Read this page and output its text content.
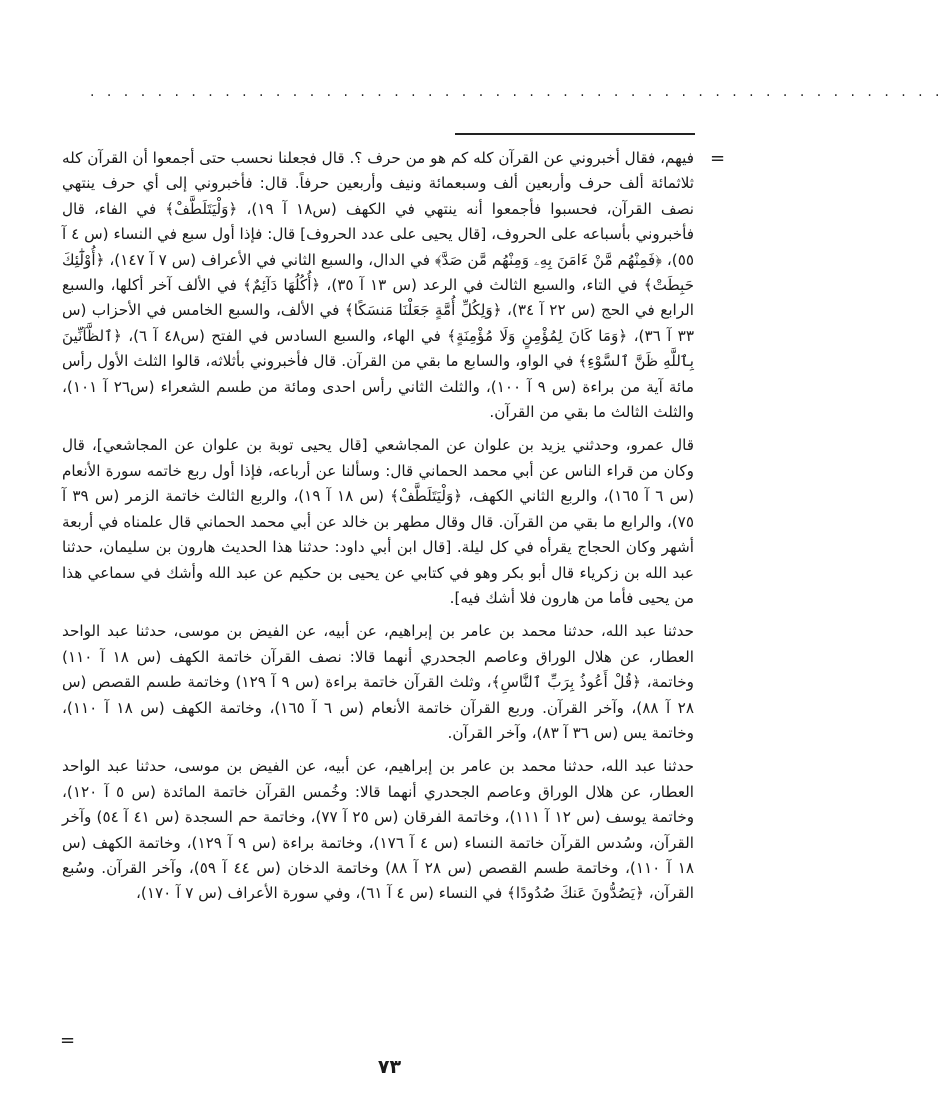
. . . . . . . . . . . . . . . . . . . . . . . . . . . . . . . . . . . . . . . . . . . . . . . . . . .
=

فيهم، فقال أخبروني عن القرآن كله كم هو من حرف ؟. قال فجعلنا نحسب حتى أجمعوا أن القرآن كله ثلاثمائة ألف حرف وأربعين ألف وسبعمائة ونيف وأربعين حرفاً. قال: فأخبروني إلى أي حرف ينتهي نصف القرآن، فحسبوا فأجمعوا أنه ينتهي في الكهف (س١٨ آ ١٩)، ﴿وَلْيَتَلَطَّفْ﴾ في الفاء، قال فأخبروني بأسباعه على الحروف، [قال يحيى على عدد الحروف] قال: فإذا أول سبع في النساء (س ٤ آ ٥٥)، ﴿فَمِنْهُم مَّنْ ءَامَنَ بِهِۦ وَمِنْهُم مَّن صَدَّ﴾ في الدال، والسبع الثاني في الأعراف (س ٧ آ ١٤٧)، ﴿أُوْلَٰٓئِكَ حَبِطَتْ﴾ في التاء، والسبع الثالث في الرعد (س ١٣ آ ٣٥)، ﴿أُكُلُهَا دَآئِمٌ﴾ في الألف آخر أكلها، والسبع الرابع في الحج (س ٢٢ آ ٣٤)، ﴿وَلِكُلِّ أُمَّةٍ جَعَلْنَا مَنسَكًا﴾ في الألف، والسبع الخامس في الأحزاب (س ٣٣ آ ٣٦)، ﴿وَمَا كَانَ لِمُؤْمِنٍ وَلَا مُؤْمِنَةٍ﴾ في الهاء، والسبع السادس في الفتح (س٤٨ آ ٦)، ﴿ٱلظَّآنِّينَ بِٱللَّهِ ظَنَّ ٱلسَّوْءِ﴾ في الواو، والسابع ما بقي من القرآن. قال فأخبروني بأثلاثه، قالوا الثلث الأول رأس مائة آية من براءة (س ٩ آ ١٠٠)، والثلث الثاني رأس احدى ومائة من طسم الشعراء (س٢٦ آ ١٠١)، والثلث الثالث ما بقي من القرآن.

قال عمرو، وحدثني يزيد بن علوان عن المجاشعي [قال يحيى توبة بن علوان عن المجاشعي]، قال وكان من قراء الناس عن أبي محمد الحماني قال: وسألنا عن أرباعه، فإذا أول ربع خاتمه سورة الأنعام (س ٦ آ ١٦٥)، والربع الثاني الكهف، ﴿وَلْيَتَلَطَّفْ﴾ (س ١٨ آ ١٩)، والربع الثالث خاتمة الزمر (س ٣٩ آ ٧٥)، والرابع ما بقي من القرآن. قال وقال مطهر بن خالد عن أبي محمد الحماني قال علمناه في أربعة أشهر وكان الحجاج يقرأه في كل ليلة. [قال ابن أبي داود: حدثنا هذا الحديث هارون بن سليمان، حدثنا عبد الله بن زكرياء قال أبو بكر وهو في كتابي عن يحيى بن حكيم عن عبد الله وأشك في سماعي هذا من يحيى فأما من هارون فلا أشك فيه].

حدثنا عبد الله، حدثنا محمد بن عامر بن إبراهيم، عن أبيه، عن الفيض بن موسى، حدثنا عبد الواحد العطار، عن هلال الوراق وعاصم الجحدري أنهما قالا: نصف القرآن خاتمة الكهف (س ١٨ آ ١١٠) وخاتمة، ﴿قُلْ أَعُوذُ بِرَبِّ ٱلنَّاسِ﴾، وثلث القرآن خاتمة براءة (س ٩ آ ١٢٩) وخاتمة طسم القصص (س ٢٨ آ ٨٨)، وآخر القرآن. وربع القرآن خاتمة الأنعام (س ٦ آ ١٦٥)، وخاتمة الكهف (س ١٨ آ ١١٠)، وخاتمة يس (س ٣٦ آ ٨٣)، وآخر القرآن.

حدثنا عبد الله، حدثنا محمد بن عامر بن إبراهيم، عن أبيه، عن الفيض بن موسى، حدثنا عبد الواحد العطار، عن هلال الوراق وعاصم الجحدري أنهما قالا: وخُمس القرآن خاتمة المائدة (س ٥ آ ١٢٠)، وخاتمة يوسف (س ١٢ آ ١١١)، وخاتمة الفرقان (س ٢٥ آ ٧٧)، وخاتمة حم السجدة (س ٤١ آ ٥٤) وآخر القرآن، وسُدس القرآن خاتمة النساء (س ٤ آ ١٧٦)، وخاتمة براءة (س ٩ آ ١٢٩)، وخاتمة الكهف (س ١٨ آ ١١٠)، وخاتمة طسم القصص (س ٢٨ آ ٨٨) وخاتمة الدخان (س ٤٤ آ ٥٩)، وآخر القرآن. وسُبع القرآن، ﴿يَصُدُّونَ عَنكَ صُدُودًا﴾ في النساء (س ٤ آ ٦١)، وفي سورة الأعراف (س ٧ آ ١٧٠)،

=
٧٣
